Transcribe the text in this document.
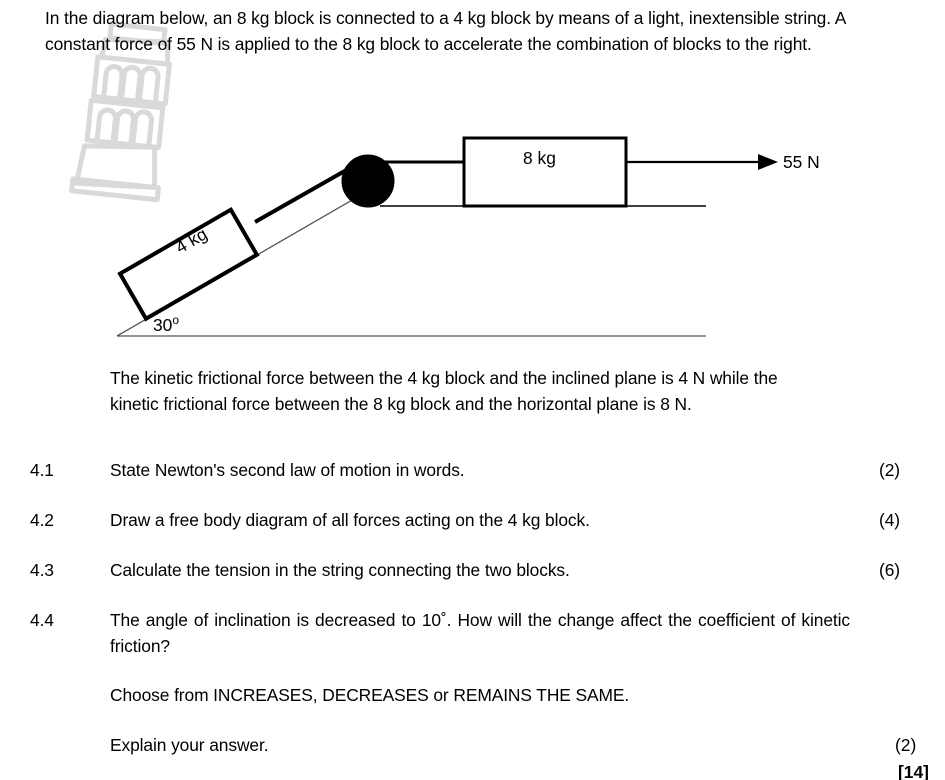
In the diagram below, an 8 kg block is connected to a 4 kg block by means of a light, inextensible string. A constant force of 55 N is applied to the 8 kg block to accelerate the combination of blocks to the right.
8 kg	55 N
4 kg
30$^o$
The kinetic frictional force between the 4 kg block and the inclined plane is 4 N while the kinetic frictional force between the 8 kg block and the horizontal plane is 8 N.
4.1	State Newton's second law of motion in words.	(2)
4.2	Draw a free body diagram of all forces acting on the 4 kg block.	(4)
4.3	Calculate the tension in the string connecting the two blocks.	(6)
4.4	The angle of inclination is decreased to 10˚. How will the change affect the coefficient of kinetic friction?
Choose from INCREASES, DECREASES or REMAINS THE SAME.
Explain your answer.	(2)
[14]
